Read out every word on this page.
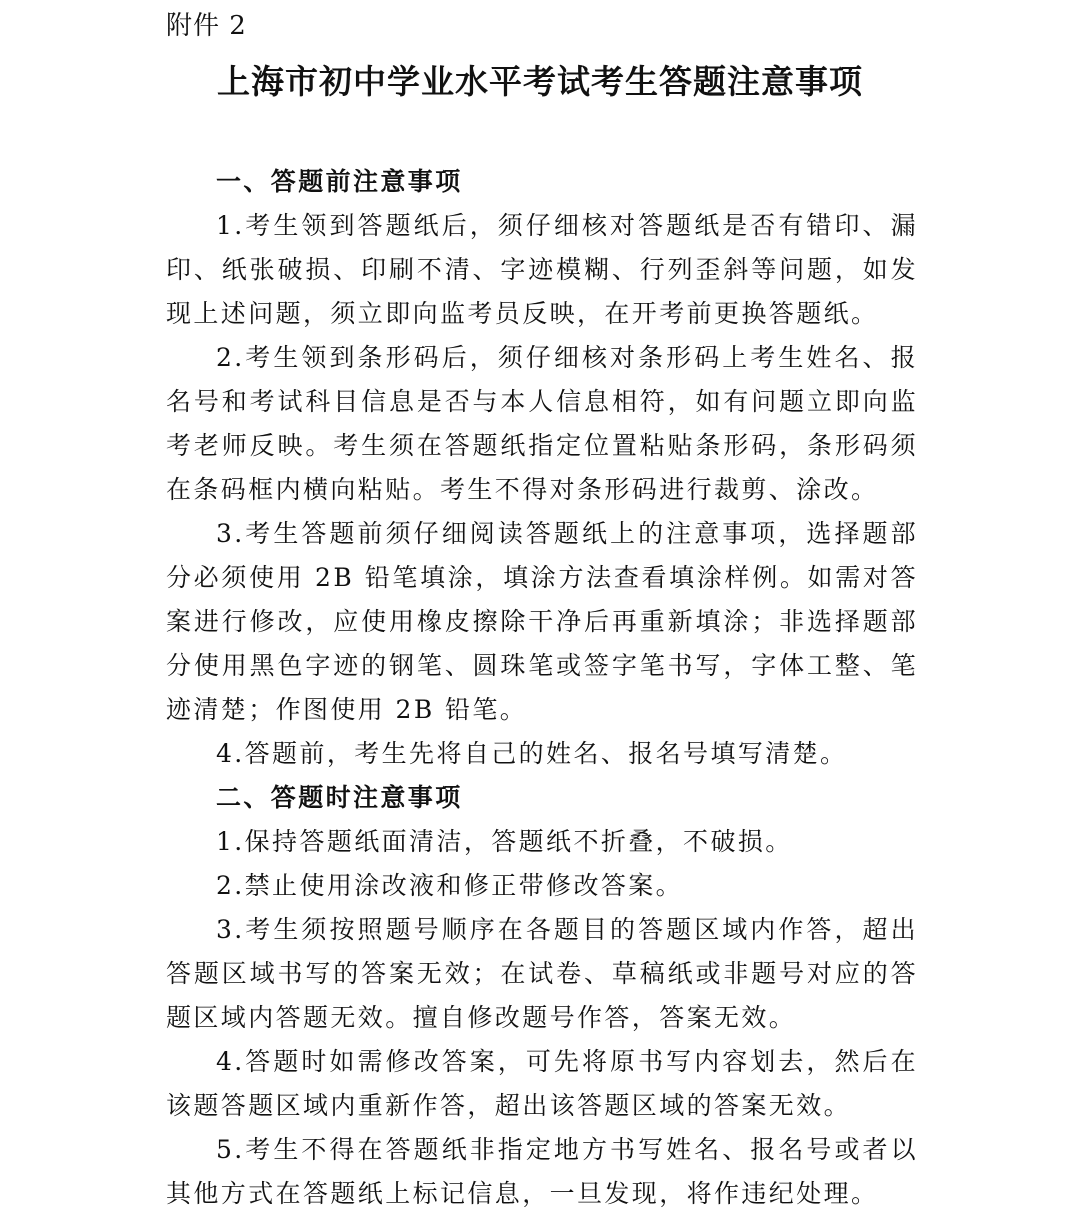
附件 2
上海市初中学业水平考试考生答题注意事项

一、答题前注意事项

1.考生领到答题纸后，须仔细核对答题纸是否有错印、漏印、纸张破损、印刷不清、字迹模糊、行列歪斜等问题，如发现上述问题，须立即向监考员反映，在开考前更换答题纸。

2.考生领到条形码后，须仔细核对条形码上考生姓名、报名号和考试科目信息是否与本人信息相符，如有问题立即向监考老师反映。考生须在答题纸指定位置粘贴条形码，条形码须在条码框内横向粘贴。考生不得对条形码进行裁剪、涂改。

3.考生答题前须仔细阅读答题纸上的注意事项，选择题部分必须使用 2B 铅笔填涂，填涂方法查看填涂样例。如需对答案进行修改，应使用橡皮擦除干净后再重新填涂；非选择题部分使用黑色字迹的钢笔、圆珠笔或签字笔书写，字体工整、笔迹清楚；作图使用 2B 铅笔。

4.答题前，考生先将自己的姓名、报名号填写清楚。

二、答题时注意事项

1.保持答题纸面清洁，答题纸不折叠，不破损。

2.禁止使用涂改液和修正带修改答案。

3.考生须按照题号顺序在各题目的答题区域内作答，超出答题区域书写的答案无效；在试卷、草稿纸或非题号对应的答题区域内答题无效。擅自修改题号作答，答案无效。

4.答题时如需修改答案，可先将原书写内容划去，然后在该题答题区域内重新作答，超出该答题区域的答案无效。

5.考生不得在答题纸非指定地方书写姓名、报名号或者以其他方式在答题纸上标记信息，一旦发现，将作违纪处理。
